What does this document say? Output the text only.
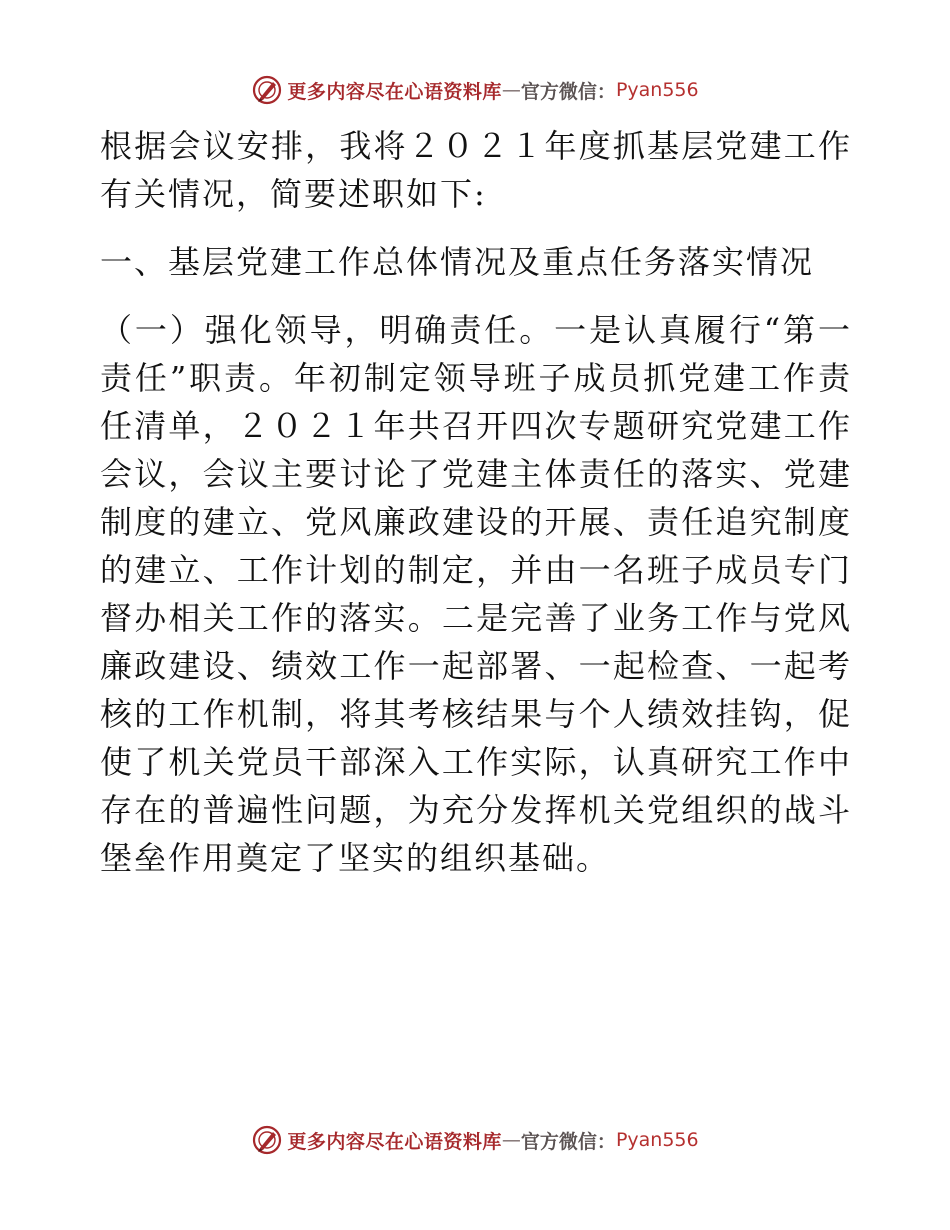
更多内容尽在心语资料库 — 官方微信： Pyan556

根据会议安排，我将２０２１年度抓基层党建工作有关情况，简要述职如下:

一、基层党建工作总体情况及重点任务落实情况

（一）强化领导，明确责任。一是认真履行“第一责任”职责。年初制定领导班子成员抓党建工作责任清单，２０２１年共召开四次专题研究党建工作会议，会议主要讨论了党建主体责任的落实、党建制度的建立、党风廉政建设的开展、责任追究制度的建立、工作计划的制定，并由一名班子成员专门督办相关工作的落实。二是完善了业务工作与党风廉政建设、绩效工作一起部署、一起检查、一起考核的工作机制，将其考核结果与个人绩效挂钩，促使了机关党员干部深入工作实际，认真研究工作中存在的普遍性问题，为充分发挥机关党组织的战斗堡垒作用奠定了坚实的组织基础。

更多内容尽在心语资料库 — 官方微信： Pyan556
